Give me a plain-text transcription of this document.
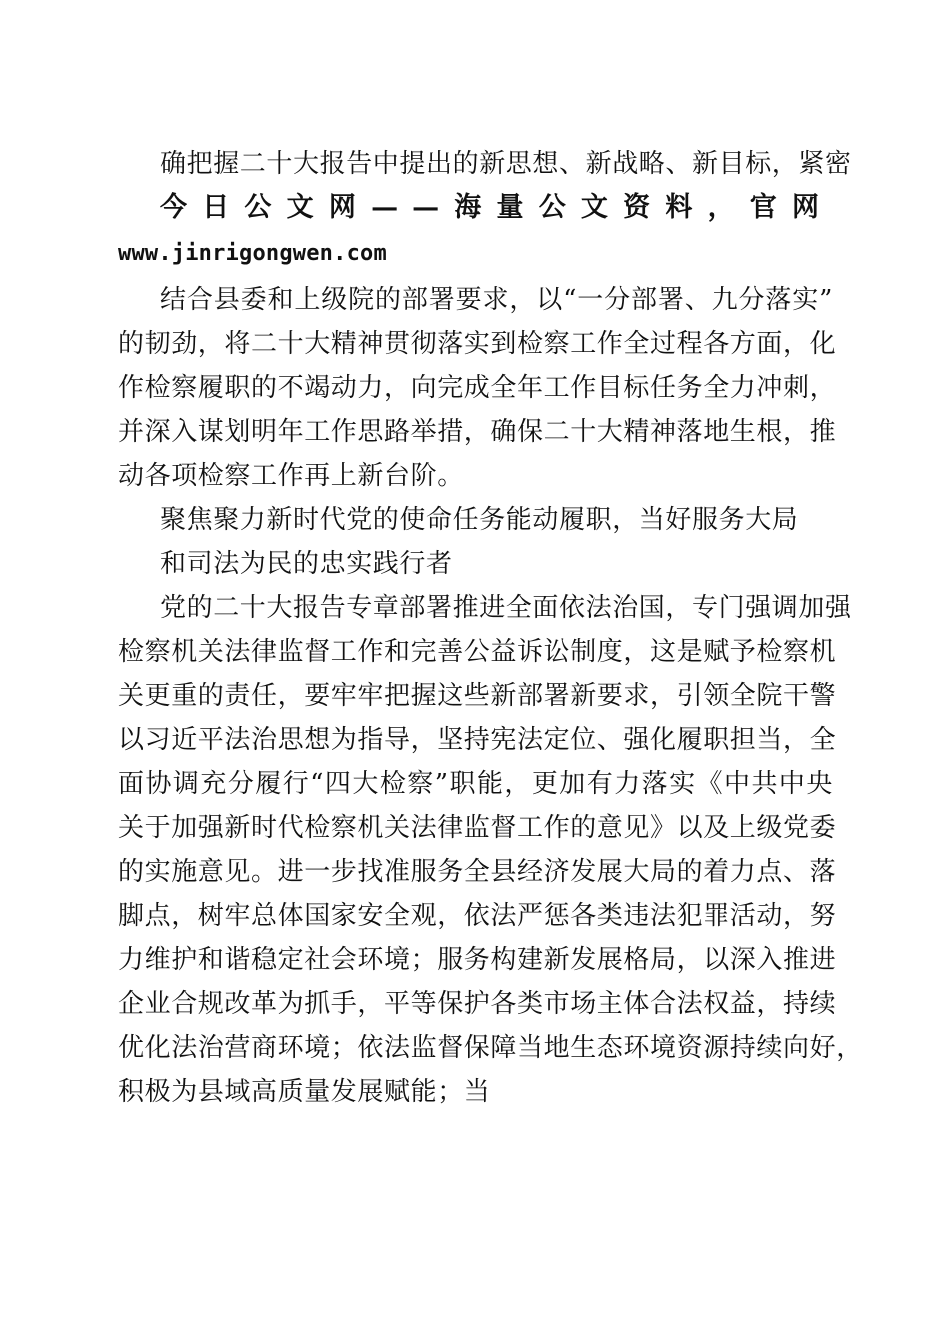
确把握二十大报告中提出的新思想、新战略、新目标，紧密
今日公文网——海量公文资料，官网
www.jinrigongwen.com
结合县委和上级院的部署要求，以“一分部署、九分落实”
的韧劲，将二十大精神贯彻落实到检察工作全过程各方面，化
作检察履职的不竭动力，向完成全年工作目标任务全力冲刺，
并深入谋划明年工作思路举措，确保二十大精神落地生根，推
动各项检察工作再上新台阶。
聚焦聚力新时代党的使命任务能动履职，当好服务大局
和司法为民的忠实践行者
党的二十大报告专章部署推进全面依法治国，专门强调加强
检察机关法律监督工作和完善公益诉讼制度，这是赋予检察机
关更重的责任，要牢牢把握这些新部署新要求，引领全院干警
以习近平法治思想为指导，坚持宪法定位、强化履职担当，全
面协调充分履行“四大检察”职能，更加有力落实《中共中央
关于加强新时代检察机关法律监督工作的意见》以及上级党委
的实施意见。进一步找准服务全县经济发展大局的着力点、落
脚点，树牢总体国家安全观，依法严惩各类违法犯罪活动，努
力维护和谐稳定社会环境；服务构建新发展格局，以深入推进
企业合规改革为抓手，平等保护各类市场主体合法权益，持续
优化法治营商环境；依法监督保障当地生态环境资源持续向好，
积极为县域高质量发展赋能；当
